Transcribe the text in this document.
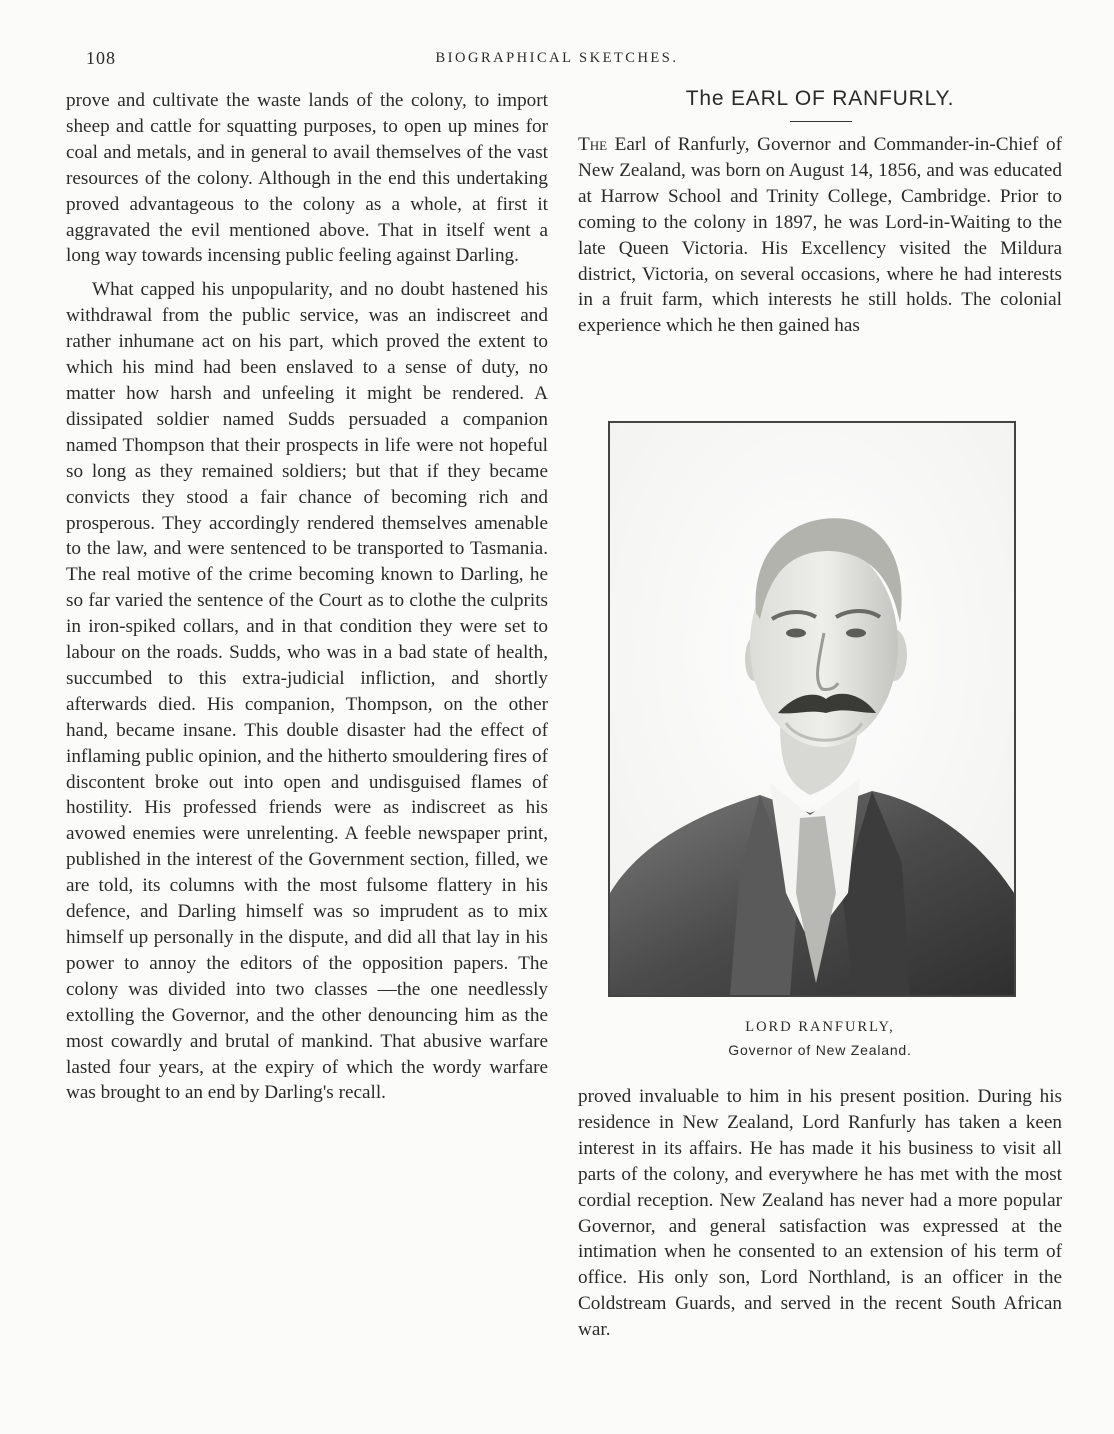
108	BIOGRAPHICAL SKETCHES.

prove and cultivate the waste lands of the colony, to import sheep and cattle for squatting purposes, to open up mines for coal and metals, and in general to avail themselves of the vast resources of the colony. Although in the end this undertaking proved advantageous to the colony as a whole, at first it aggravated the evil mentioned above. That in itself went a long way towards incensing public feeling against Darling.

What capped his unpopularity, and no doubt hastened his withdrawal from the public service, was an indiscreet and rather inhumane act on his part, which proved the extent to which his mind had been enslaved to a sense of duty, no matter how harsh and unfeeling it might be rendered. A dissipated soldier named Sudds persuaded a companion named Thompson that their prospects in life were not hopeful so long as they remained soldiers; but that if they became convicts they stood a fair chance of becoming rich and prosperous. They accordingly rendered themselves amenable to the law, and were sentenced to be transported to Tasmania. The real motive of the crime becoming known to Darling, he so far varied the sentence of the Court as to clothe the culprits in iron-spiked collars, and in that condition they were set to labour on the roads. Sudds, who was in a bad state of health, succumbed to this extra-judicial infliction, and shortly afterwards died. His companion, Thompson, on the other hand, became insane. This double disaster had the effect of inflaming public opinion, and the hitherto smouldering fires of discontent broke out into open and undisguised flames of hostility. His professed friends were as indiscreet as his avowed enemies were unrelenting. A feeble newspaper print, published in the interest of the Government section, filled, we are told, its columns with the most fulsome flattery in his defence, and Darling himself was so imprudent as to mix himself up personally in the dispute, and did all that lay in his power to annoy the editors of the opposition papers. The colony was divided into two classes —the one needlessly extolling the Governor, and the other denouncing him as the most cowardly and brutal of mankind. That abusive warfare lasted four years, at the expiry of which the wordy warfare was brought to an end by Darling's recall.

The EARL OF RANFURLY.

The Earl of Ranfurly, Governor and Commander-in-Chief of New Zealand, was born on August 14, 1856, and was educated at Harrow School and Trinity College, Cambridge. Prior to coming to the colony in 1897, he was Lord-in-Waiting to the late Queen Victoria. His Excellency visited the Mildura district, Victoria, on several occasions, where he had interests in a fruit farm, which interests he still holds. The colonial experience which he then gained has

LORD RANFURLY,
Governor of New Zealand.

proved invaluable to him in his present position. During his residence in New Zealand, Lord Ranfurly has taken a keen interest in its affairs. He has made it his business to visit all parts of the colony, and everywhere he has met with the most cordial reception. New Zealand has never had a more popular Governor, and general satisfaction was expressed at the intimation when he consented to an extension of his term of office. His only son, Lord Northland, is an officer in the Coldstream Guards, and served in the recent South African war.
